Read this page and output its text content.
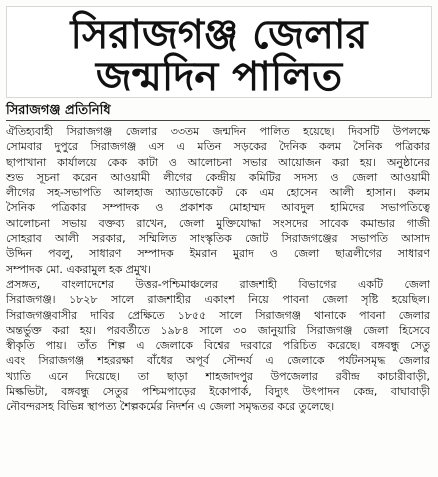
সিরাজগঞ্জ জেলার
জন্মদিন পালিত
সিরাজগঞ্জ প্রতিনিধি
ঐতিহ্যবাহী সিরাজগঞ্জ জেলার ৩৩তম জন্মদিন পালিত হয়েছে। দিবসটি উপলক্ষে
সোমবার দুপুরে সিরাজগঞ্জ এস এ মতিন সড়কের দৈনিক কলম সৈনিক পত্রিকার
ছাপাখানা কার্যালয়ে কেক কাটা ও আলোচনা সভার আয়োজন করা হয়। অনুষ্ঠানের
শুভ সূচনা করেন আওয়ামী লীগের কেন্দ্রীয় কমিটির সদস্য ও জেলা আওয়ামী
লীগের সহ-সভাপতি আলহাজ অ্যাডভোকেট কে এম হোসেন আলী হাসান। কলম
সৈনিক পত্রিকার সম্পাদক ও প্রকাশক মোহাম্মদ আবদুল হামিদের সভাপতিত্বে
আলোচনা সভায় বক্তব্য রাখেন, জেলা মুক্তিযোদ্ধা সংসদের সাবেক কমান্ডার গাজী
সোহরাব আলী সরকার, সম্মিলিত সাংস্কৃতিক জোট সিরাজগঞ্জের সভাপতি আসাদ
উদ্দিন পবলু, সাধারণ সম্পাদক ইমরান মুরাদ ও জেলা ছাত্রলীগের সাধারণ
সম্পাদক মো. একরামুল হক প্রমুখ।
প্রসঙ্গত, বাংলাদেশের উত্তর-পশ্চিমাঞ্চলের রাজশাহী বিভাগের একটি জেলা
সিরাজগঞ্জ। ১৮২৮ সালে রাজশাহীর একাংশ নিয়ে পাবনা জেলা সৃষ্টি হয়েছিল।
সিরাজগঞ্জবাসীর দাবির প্রেক্ষিতে ১৮৫৫ সালে সিরাজগঞ্জ থানাকে পাবনা জেলার
অন্তর্ভুক্ত করা হয়। পরবর্তীতে ১৯৮৪ সালে ৩০ জানুয়ারি সিরাজগঞ্জ জেলা হিসেবে
স্বীকৃতি পায়। তাঁত শিল্প এ জেলাকে বিশ্বের দরবারে পরিচিত করেছে। বঙ্গবন্ধু সেতু
এবং সিরাজগঞ্জ শহররক্ষা বাঁধের অপূর্ব সৌন্দর্য এ জেলাকে পর্যটনসমৃদ্ধ জেলার
খ্যাতি এনে দিয়েছে। তা ছাড়া শাহজাদপুর উপজেলার রবীন্দ্র কাচারীবাড়ী,
মিল্কভিটা, বঙ্গবন্ধু সেতুর পশ্চিমপাড়ের ইকোপার্ক, বিদ্যুৎ উৎপাদন কেন্দ্র, বাঘাবাড়ী
নৌবন্দরসহ বিভিন্ন স্থাপত্য শৈল্পকর্মের নিদর্শন এ জেলা সমৃদ্ধতর করে তুলেছে।
